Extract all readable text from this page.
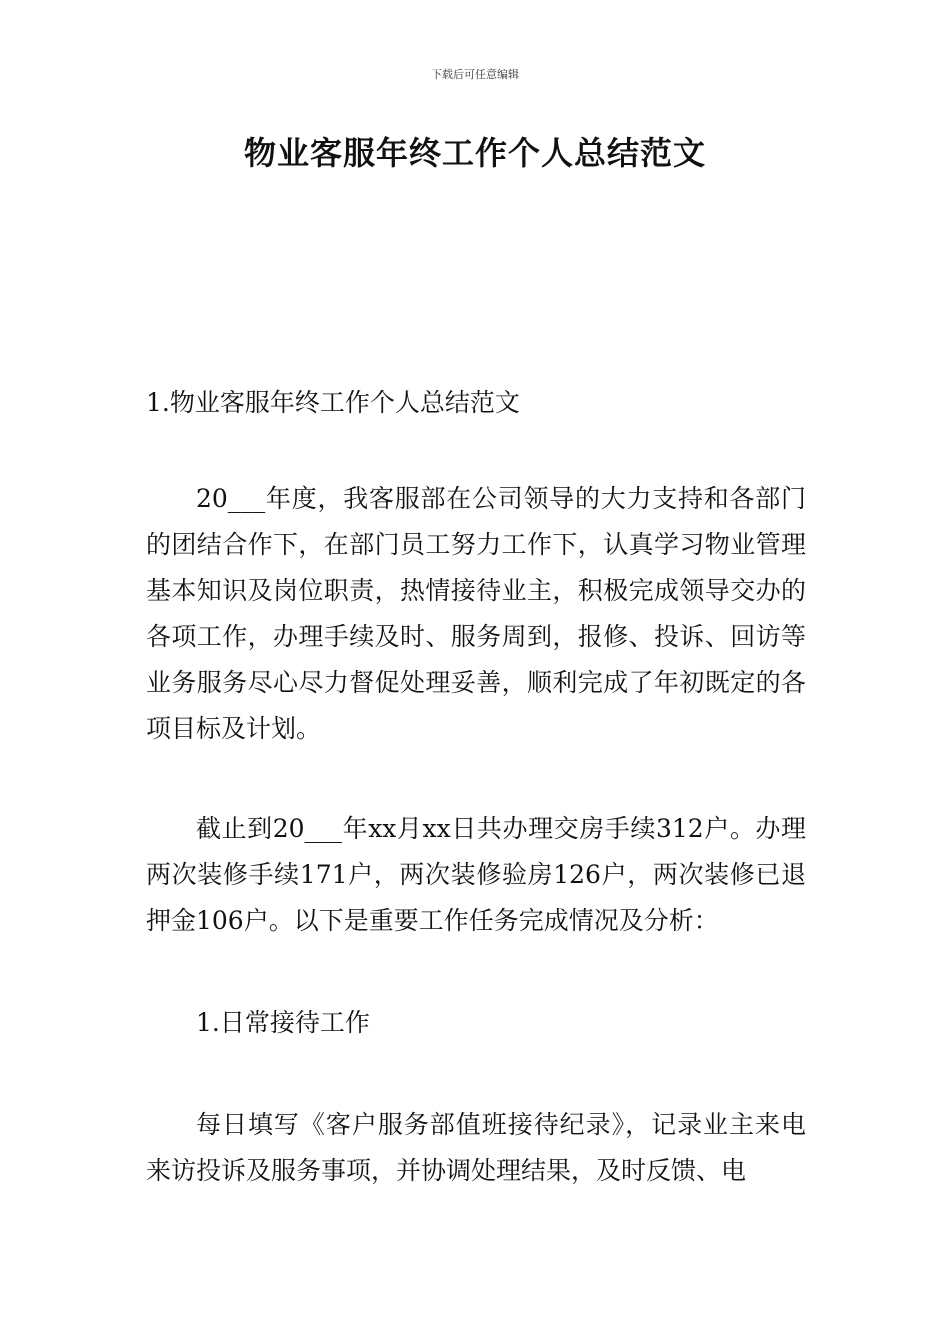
下载后可任意编辑
物业客服年终工作个人总结范文

1.物业客服年终工作个人总结范文

20___年度，我客服部在公司领导的大力支持和各部门的团结合作下，在部门员工努力工作下，认真学习物业管理基本知识及岗位职责，热情接待业主，积极完成领导交办的各项工作，办理手续及时、服务周到，报修、投诉、回访等业务服务尽心尽力督促处理妥善，顺利完成了年初既定的各项目标及计划。

截止到20___年xx月xx日共办理交房手续312户。办理两次装修手续171户，两次装修验房126户，两次装修已退押金106户。以下是重要工作任务完成情况及分析：

1.日常接待工作

每日填写《客户服务部值班接待纪录》，记录业主来电来访投诉及服务事项，并协调处理结果，及时反馈、电
